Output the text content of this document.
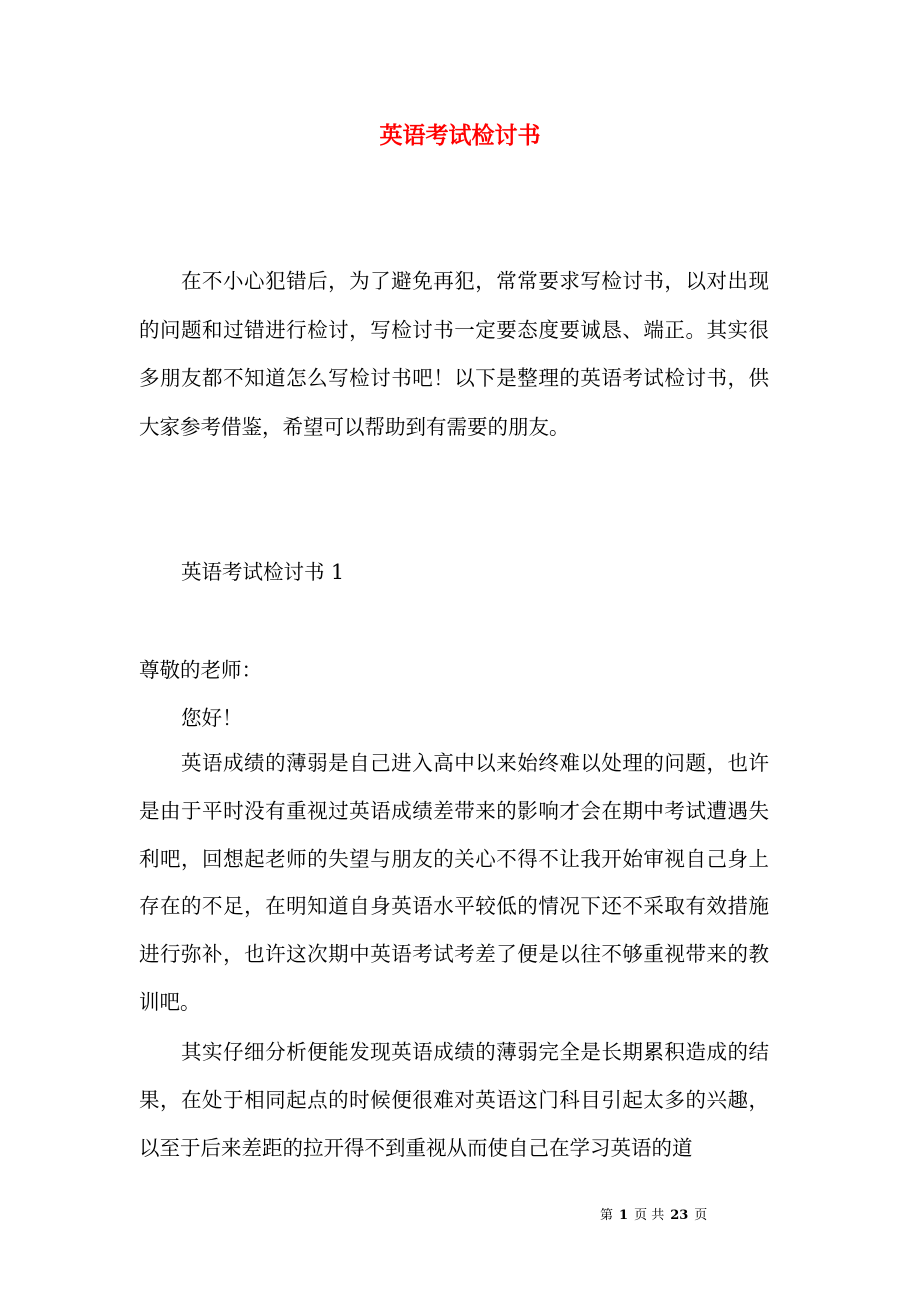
英语考试检讨书

在不小心犯错后，为了避免再犯，常常要求写检讨书，以对出现的问题和过错进行检讨，写检讨书一定要态度要诚恳、端正。其实很多朋友都不知道怎么写检讨书吧！以下是整理的英语考试检讨书，供大家参考借鉴，希望可以帮助到有需要的朋友。

英语考试检讨书 1

尊敬的老师：

您好！

英语成绩的薄弱是自己进入高中以来始终难以处理的问题，也许是由于平时没有重视过英语成绩差带来的影响才会在期中考试遭遇失利吧，回想起老师的失望与朋友的关心不得不让我开始审视自己身上存在的不足，在明知道自身英语水平较低的情况下还不采取有效措施进行弥补，也许这次期中英语考试考差了便是以往不够重视带来的教训吧。

其实仔细分析便能发现英语成绩的薄弱完全是长期累积造成的结果，在处于相同起点的时候便很难对英语这门科目引起太多的兴趣，以至于后来差距的拉开得不到重视从而使自己在学习英语的道

第 1 页 共 23 页
